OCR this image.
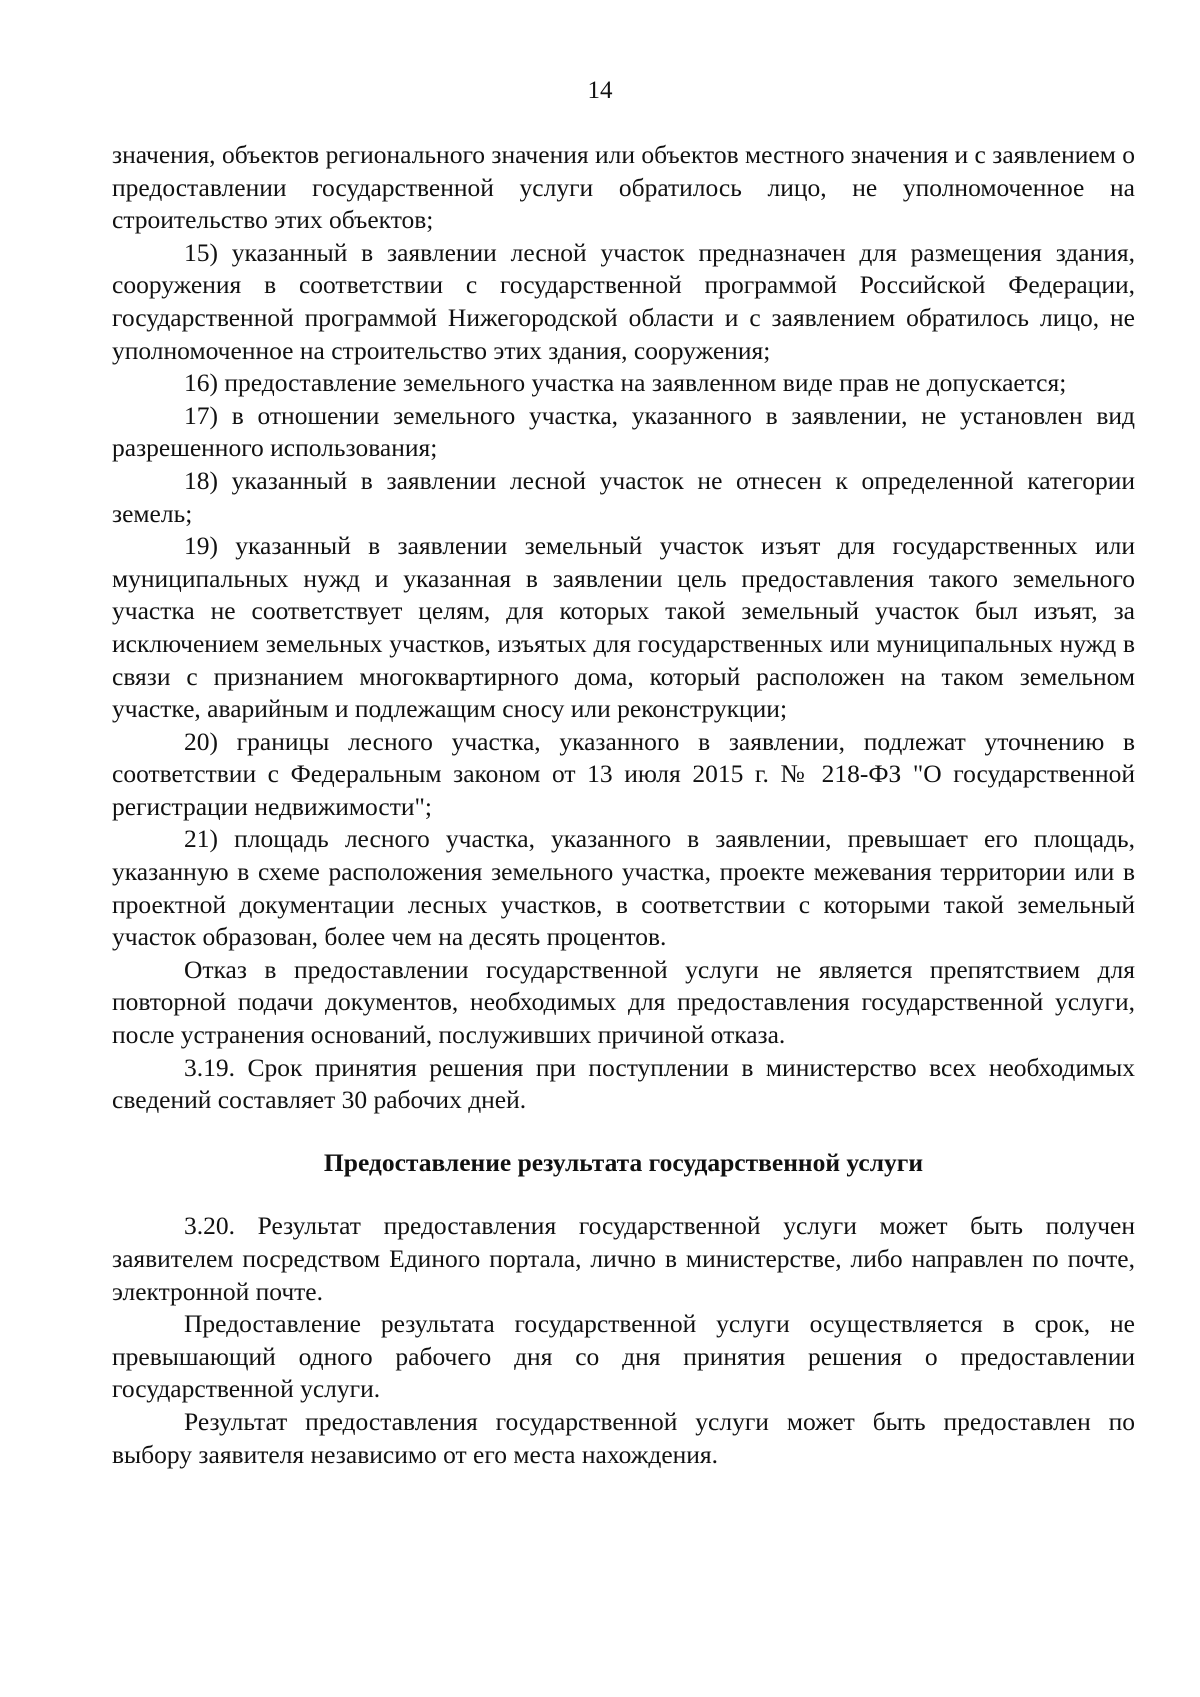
14

значения, объектов регионального значения или объектов местного значения и с заявлением о предоставлении государственной услуги обратилось лицо, не уполномоченное на строительство этих объектов;

15) указанный в заявлении лесной участок предназначен для размещения здания, сооружения в соответствии с государственной программой Российской Федерации, государственной программой Нижегородской области и с заявлением обратилось лицо, не уполномоченное на строительство этих здания, сооружения;

16) предоставление земельного участка на заявленном виде прав не допускается;

17) в отношении земельного участка, указанного в заявлении, не установлен вид разрешенного использования;

18) указанный в заявлении лесной участок не отнесен к определенной категории земель;

19) указанный в заявлении земельный участок изъят для государственных или муниципальных нужд и указанная в заявлении цель предоставления такого земельного участка не соответствует целям, для которых такой земельный участок был изъят, за исключением земельных участков, изъятых для государственных или муниципальных нужд в связи с признанием многоквартирного дома, который расположен на таком земельном участке, аварийным и подлежащим сносу или реконструкции;

20) границы лесного участка, указанного в заявлении, подлежат уточнению в соответствии с Федеральным законом от 13 июля 2015 г. № 218-ФЗ "О государственной регистрации недвижимости";

21) площадь лесного участка, указанного в заявлении, превышает его площадь, указанную в схеме расположения земельного участка, проекте межевания территории или в проектной документации лесных участков, в соответствии с которыми такой земельный участок образован, более чем на десять процентов.

Отказ в предоставлении государственной услуги не является препятствием для повторной подачи документов, необходимых для предоставления государственной услуги, после устранения оснований, послуживших причиной отказа.

3.19. Срок принятия решения при поступлении в министерство всех необходимых сведений составляет 30 рабочих дней.

Предоставление результата государственной услуги

3.20. Результат предоставления государственной услуги может быть получен заявителем посредством Единого портала, лично в министерстве, либо направлен по почте, электронной почте.

Предоставление результата государственной услуги осуществляется в срок, не превышающий одного рабочего дня со дня принятия решения о предоставлении государственной услуги.

Результат предоставления государственной услуги может быть предоставлен по выбору заявителя независимо от его места нахождения.
